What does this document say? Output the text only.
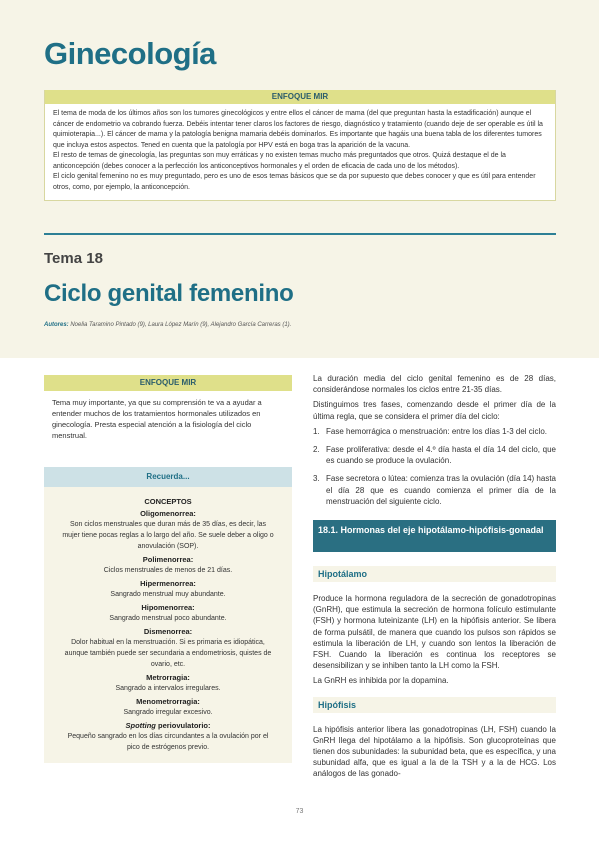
Ginecología
ENFOQUE MIR
El tema de moda de los últimos años son los tumores ginecológicos y entre ellos el cáncer de mama (del que preguntan hasta la estadificación) aunque el cáncer de endometrio va cobrando fuerza. Debéis intentar tener claros los factores de riesgo, diagnóstico y tratamiento (cuando deje de ser operable es útil la quimioterapia...). El cáncer de mama y la patología benigna mamaria debéis dominarlos. Es importante que hagáis una buena tabla de los diferentes tumores que incluya estos aspectos. Tened en cuenta que la patología por HPV está en boga tras la aparición de la vacuna.
El resto de temas de ginecología, las preguntas son muy erráticas y no existen temas mucho más preguntados que otros. Quizá destaque el de la anticoncepción (debes conocer a la perfección los anticonceptivos hormonales y el orden de eficacia de cada uno de los métodos).
El ciclo genital femenino no es muy preguntado, pero es uno de esos temas básicos que se da por supuesto que debes conocer y que es útil para entender otros, como, por ejemplo, la anticoncepción.
Tema 18
Ciclo genital femenino
Autores: Noelia Taramino Pintado (9), Laura López Marín (9), Alejandro García Carreras (1).
ENFOQUE MIR
Tema muy importante, ya que su comprensión te va a ayudar a entender muchos de los tratamientos hormonales utilizados en ginecología. Presta especial atención a la fisiología del ciclo menstrual.
Recuerda...
CONCEPTOS
Oligomenorrea:
Son ciclos menstruales que duran más de 35 días, es decir, las mujer tiene pocas reglas a lo largo del año. Se suele deber a oligo o anovulación (SOP).
Polimenorrea:
Ciclos menstruales de menos de 21 días.
Hipermenorrea:
Sangrado menstrual muy abundante.
Hipomenorrea:
Sangrado menstrual poco abundante.
Dismenorrea:
Dolor habitual en la menstruación. Si es primaria es idiopática, aunque también puede ser secundaria a endometriosis, quistes de ovario, etc.
Metrorragia:
Sangrado a intervalos irregulares.
Menometrorragia:
Sangrado irregular excesivo.
Spotting periovulatorio:
Pequeño sangrado en los días circundantes a la ovulación por el pico de estrógenos previo.

La duración media del ciclo genital femenino es de 28 días, considerándose normales los ciclos entre 21-35 días.

Distinguimos tres fases, comenzando desde el primer día de la última regla, que se considera el primer día del ciclo:

1. Fase hemorrágica o menstruación: entre los días 1-3 del ciclo.
2. Fase proliferativa: desde el 4.º día hasta el día 14 del ciclo, que es cuando se produce la ovulación.
3. Fase secretora o lútea: comienza tras la ovulación (día 14) hasta el día 28 que es cuando comienza el primer día de la menstruación del siguiente ciclo.
18.1. Hormonas del eje hipotálamo-hipófisis-gonadal
Hipotálamo

Produce la hormona reguladora de la secreción de gonadotropinas (GnRH), que estimula la secreción de hormona folículo estimulante (FSH) y hormona luteinizante (LH) en la hipófisis anterior. Se libera de forma pulsátil, de manera que cuando los pulsos son rápidos se estimula la liberación de LH, y cuando son lentos la liberación de FSH. Cuando la liberación es continua los receptores se desensibilizan y se inhiben tanto la LH como la FSH.

La GnRH es inhibida por la dopamina.

Hipófisis

La hipófisis anterior libera las gonadotropinas (LH, FSH) cuando la GnRH llega del hipotálamo a la hipófisis. Son glucoproteínas que tienen dos subunidades: la subunidad beta, que es específica, y una subunidad alfa, que es igual a la de la TSH y a la de HCG. Los análogos de las gonado-

73
